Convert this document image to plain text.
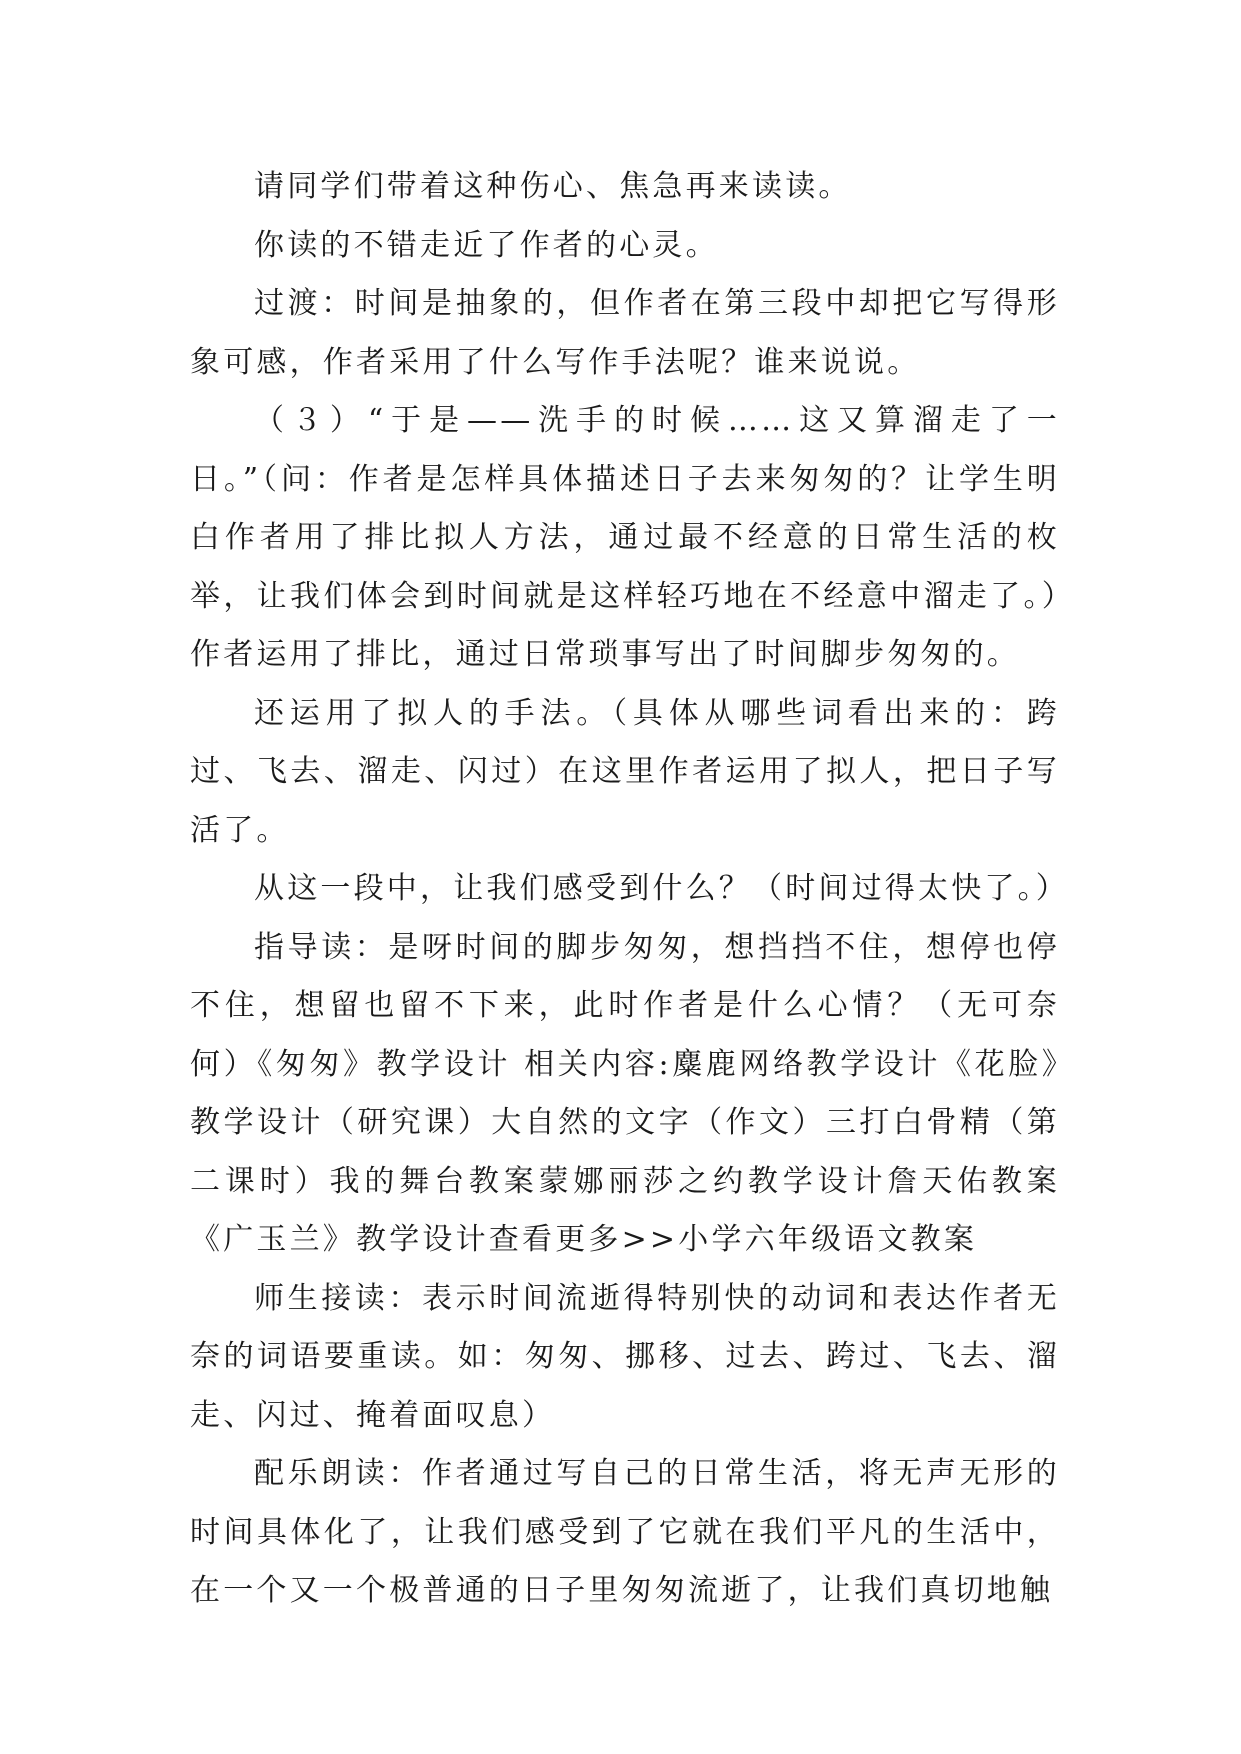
请同学们带着这种伤心、焦急再来读读。

你读的不错走近了作者的心灵。

过渡：时间是抽象的，但作者在第三段中却把它写得形象可感，作者采用了什么写作手法呢？谁来说说。

（３）“于是——洗手的时候……这又算溜走了一日。”（问：作者是怎样具体描述日子去来匆匆的？让学生明白作者用了排比拟人方法，通过最不经意的日常生活的枚举，让我们体会到时间就是这样轻巧地在不经意中溜走了。）作者运用了排比，通过日常琐事写出了时间脚步匆匆的。

还运用了拟人的手法。（具体从哪些词看出来的：跨过、飞去、溜走、闪过）在这里作者运用了拟人，把日子写活了。

从这一段中，让我们感受到什么？（时间过得太快了。）

指导读：是呀时间的脚步匆匆，想挡挡不住，想停也停不住，想留也留不下来，此时作者是什么心情？（无可奈何）《匆匆》教学设计 相关内容:麋鹿网络教学设计《花脸》教学设计（研究课）大自然的文字（作文）三打白骨精（第二课时）我的舞台教案蒙娜丽莎之约教学设计詹天佑教案《广玉兰》教学设计查看更多>>小学六年级语文教案

师生接读：表示时间流逝得特别快的动词和表达作者无奈的词语要重读。如：匆匆、挪移、过去、跨过、飞去、溜走、闪过、掩着面叹息）

配乐朗读：作者通过写自己的日常生活，将无声无形的时间具体化了，让我们感受到了它就在我们平凡的生活中，在一个又一个极普通的日子里匆匆流逝了，让我们真切地触
